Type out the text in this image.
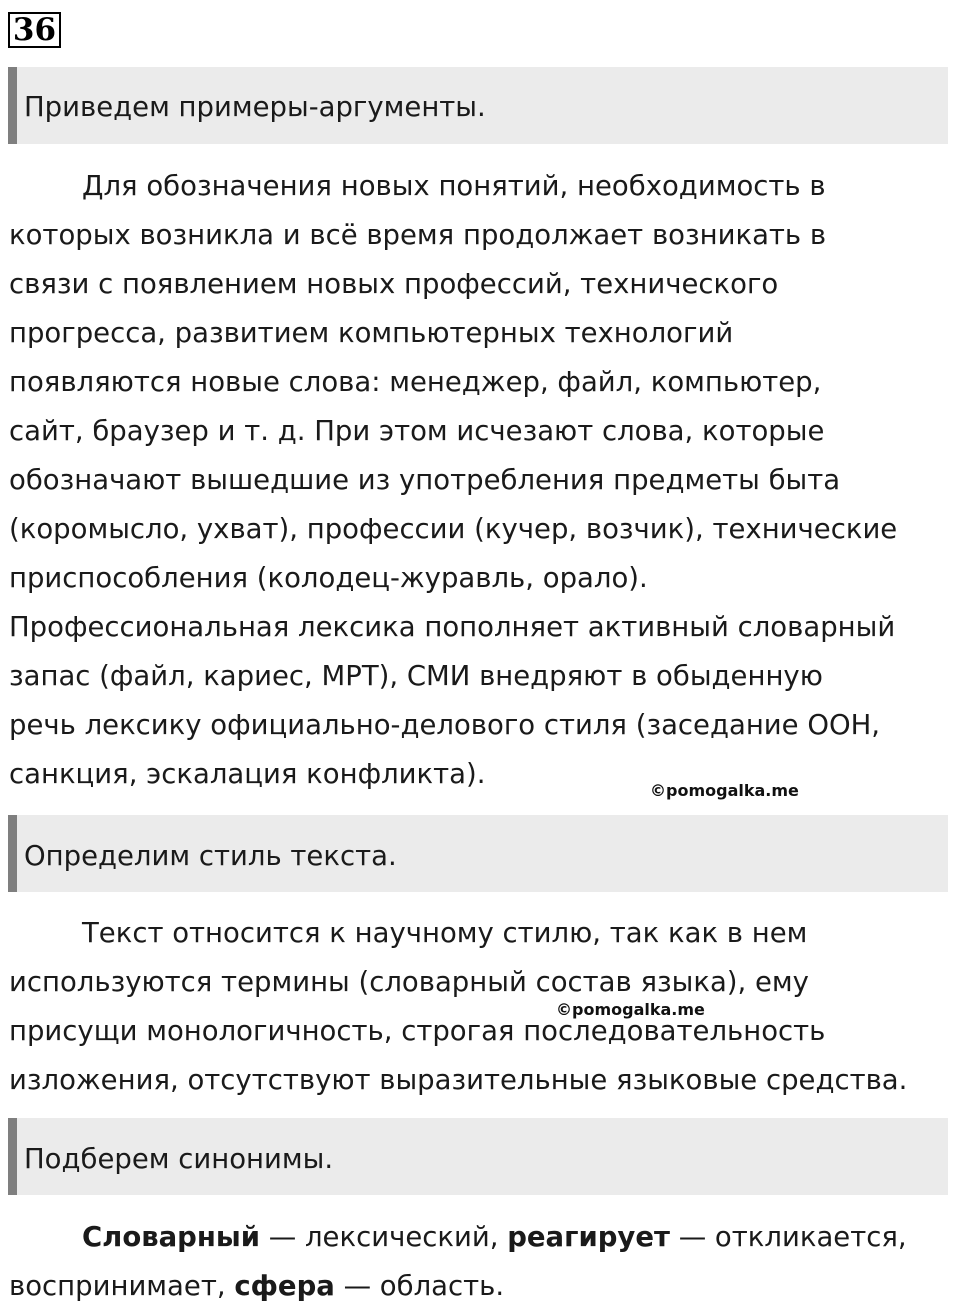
36
Приведем примеры-аргументы.
Для обозначения новых понятий, необходимость в
которых возникла и всё время продолжает возникать в
связи с появлением новых профессий, технического
прогресса, развитием компьютерных технологий
появляются новые слова: менеджер, файл, компьютер,
сайт, браузер и т. д. При этом исчезают слова, которые
обозначают вышедшие из употребления предметы быта
(коромысло, ухват), профессии (кучер, возчик), технические
приспособления (колодец-журавль, орало).
Профессиональная лексика пополняет активный словарный
запас (файл, кариес, МРТ), СМИ внедряют в обыденную
речь лексику официально-делового стиля (заседание ООН,
санкция, эскалация конфликта).
©pomogalka.me
Определим стиль текста.
Текст относится к научному стилю, так как в нем
используются термины (словарный состав языка), ему
присущи монологичность, строгая последовательность
изложения, отсутствуют выразительные языковые средства.
©pomogalka.me
Подберем синонимы.
Словарный — лексический, реагирует — откликается,
воспринимает, сфера — область.
